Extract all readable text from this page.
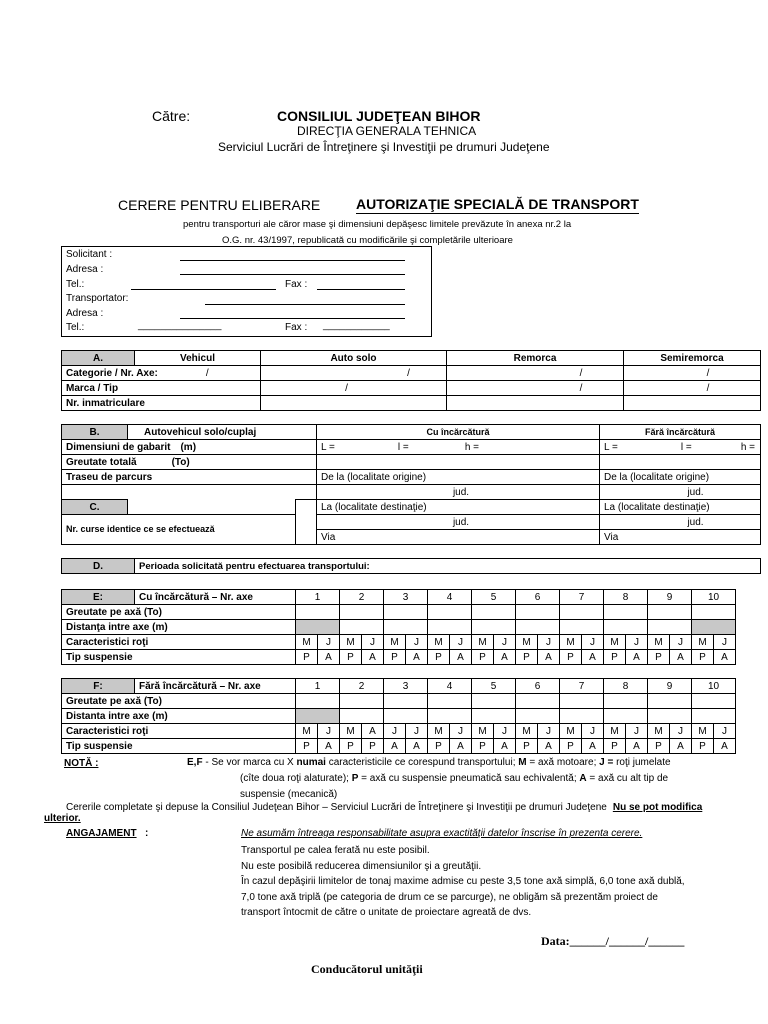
Către:	CONSILIUL JUDEŢEAN BIHOR
DIRECŢIA GENERALA TEHNICA
Serviciul Lucrări de Întreţinere şi Investiţii pe drumuri Judeţene
CERERE PENTRU ELIBERARE	AUTORIZAŢIE SPECIALĂ DE TRANSPORT
pentru transporturi ale căror mase şi dimensiuni depăşesc limitele prevăzute în anexa nr.2 la
O.G. nr. 43/1997, republicată cu modificările şi completările ulterioare
Solicitant :
Adresa :
Tel.:	Fax :
Transportator:
Adresa :
Tel.:	_______________	Fax : ____________
A.	Vehicul	Auto solo	Remorca	Semiremorca
Categorie / Nr. Axe: /		/	/	/
Marca / Tip		/	/	/
Nr. inmatriculare				
B.	Autovehicul solo/cuplaj		Cu încărcătură	Fără încărcătură
Dimensiuni de gabarit (m)			L = l = h =	L = l = h =

Greutate totală (To)				
Traseu de parcurs			De la (localitate origine)	De la (localitate origine)
			jud.	jud.
C.			La (localitate destinaţie)	La (localitate destinaţie)
Nr. curse identice ce se efectuează			jud.	jud.
			Via	Via
D.	Perioada solicitată pentru efectuarea transportului:
E:	Cu încărcătură – Nr. axe	1		2		3		4		5		6		7		8		9		10	
Greutate pe axă (To)																					
Distanţa intre axe (m)																					
Caracteristici roţi		M	J	M	J	M	J	M	J	M	J	M	J	M	J	M	J	M	J	M	J
Tip suspensie		P	A	P	A	P	A	P	A	P	A	P	A	P	A	P	A	P	A	P	A
F:	Fără încărcătură – Nr. axe	1		2		3		4		5		6		7		8		9		10	
Greutate pe axă (To)																					
Distanta intre axe (m)																					
Caracteristici roţi		M	J	M	A	J	J	M	J	M	J	M	J	M	J	M	J	M	J	M	J
Tip suspensie		P	A	P	P	A	A	P	A	P	A	P	A	P	A	P	A	P	A	P	A
NOTĂ :	E,F - Se vor marca cu X numai caracteristicile ce corespund transportului; M = axă motoare; J = roţi jumelate
(cîte doua roţi alaturate); P = axă cu suspensie pneumatică sau echivalentă; A = axă cu alt tip de
suspensie (mecanică)
Cererile completate şi depuse la Consiliul Judeţean Bihor – Serviciul Lucrări de Întreţinere şi Investiţii pe drumuri Judeţene Nu se pot modifica
ulterior.
ANGAJAMENT :	Ne asumăm întreaga responsabilitate asupra exactităţii datelor înscrise în prezenta cerere.
Transportul pe calea ferată nu este posibil.
Nu este posibilă reducerea dimensiunilor şi a greutăţii.
În cazul depăşirii limitelor de tonaj maxime admise cu peste 3,5 tone axă simplă, 6,0 tone axă dublă,
7,0 tone axă triplă (pe categoria de drum ce se parcurge), ne obligăm să prezentăm proiect de
transport întocmit de către o unitate de proiectare agreată de dvs.
Data:______/______/______
Conducătorul unităţii
